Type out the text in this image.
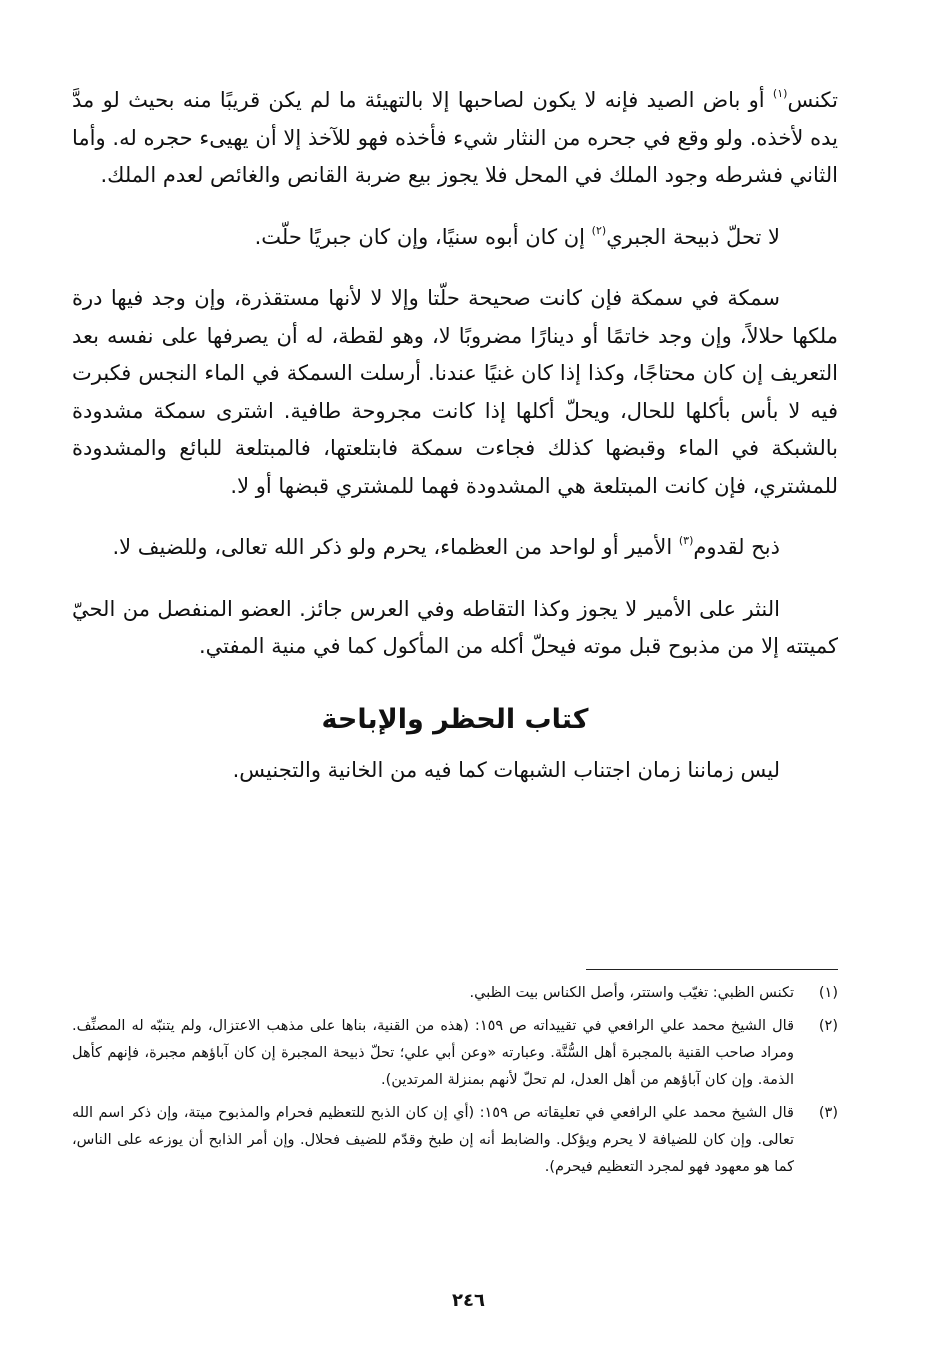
تكنس$^{(١)}$ أو باض الصيد فإنه لا يكون لصاحبها إلا بالتهيئة ما لم يكن قريبًا منه بحيث لو مدَّ يده لأخذه. ولو وقع في جحره من النثار شيء فأخذه فهو للآخذ إلا أن يهيىء حجره له. وأما الثاني فشرطه وجود الملك في المحل فلا يجوز بيع ضربة القانص والغائص لعدم الملك.

لا تحلّ ذبيحة الجبري$^{(٢)}$ إن كان أبوه سنيًا، وإن كان جبريًا حلّت.

سمكة في سمكة فإن كانت صحيحة حلّتا وإلا لا لأنها مستقذرة، وإن وجد فيها درة ملكها حلالاً، وإن وجد خاتمًا أو دينارًا مضروبًا لا، وهو لقطة، له أن يصرفها على نفسه بعد التعريف إن كان محتاجًا، وكذا إذا كان غنيًا عندنا. أرسلت السمكة في الماء النجس فكبرت فيه لا بأس بأكلها للحال، ويحلّ أكلها إذا كانت مجروحة طافية. اشترى سمكة مشدودة بالشبكة في الماء وقبضها كذلك فجاءت سمكة فابتلعتها، فالمبتلعة للبائع والمشدودة للمشتري، فإن كانت المبتلعة هي المشدودة فهما للمشتري قبضها أو لا.

ذبح لقدوم$^{(٣)}$ الأمير أو لواحد من العظماء، يحرم ولو ذكر الله تعالى، وللضيف لا.

النثر على الأمير لا يجوز وكذا التقاطه وفي العرس جائز. العضو المنفصل من الحيّ كميتته إلا من مذبوح قبل موته فيحلّ أكله من المأكول كما في منية المفتي.

كتاب الحظر والإباحة

ليس زماننا زمان اجتناب الشبهات كما فيه من الخانية والتجنيس.

(١)
تكنس الظبي: تغيّب واستتر، وأصل الكناس بيت الظبي.
(٢)
قال الشيخ محمد علي الرافعي في تقييداته ص ١٥٩: (هذه من القنية، بناها على مذهب الاعتزال، ولم يتنبّه له المصنِّف. ومراد صاحب القنية بالمجبرة أهل السُّنَّة. وعبارته «وعن أبي علي؛ تحلّ ذبيحة المجبرة إن كان آباؤهم مجبرة، فإنهم كأهل الذمة. وإن كان آباؤهم من أهل العدل، لم تحلّ لأنهم بمنزلة المرتدين).
(٣)
قال الشيخ محمد علي الرافعي في تعليقاته ص ١٥٩: (أي إن كان الذبح للتعظيم فحرام والمذبوح ميتة، وإن ذكر اسم الله تعالى. وإن كان للضيافة لا يحرم ويؤكل. والضابط أنه إن طبخ وقدّم للضيف فحلال. وإن أمر الذابح أن يوزعه على الناس، كما هو معهود فهو لمجرد التعظيم فيحرم).
٢٤٦
